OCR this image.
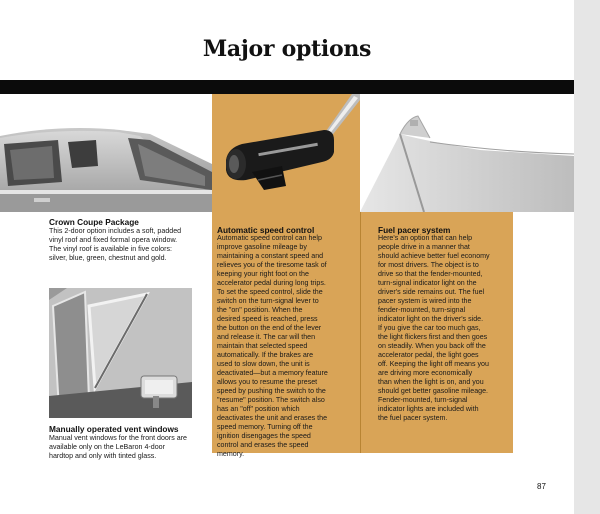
Major options
Crown Coupe Package
This 2-door option includes a soft, padded
vinyl roof and fixed formal opera window.
The vinyl roof is available in five colors:
silver, blue, green, chestnut and gold.
Manually operated vent windows
Manual vent windows for the front doors are
available only on the LeBaron 4-door
hardtop and only with tinted glass.
Automatic speed control
Automatic speed control can help
improve gasoline mileage by
maintaining a constant speed and
relieves you of the tiresome task of
keeping your right foot on the
accelerator pedal during long trips.
To set the speed control, slide the
switch on the turn-signal lever to
the "on" position. When the
desired speed is reached, press
the button on the end of the lever
and release it. The car will then
maintain that selected speed
automatically. If the brakes are
used to slow down, the unit is
deactivated—but a memory feature
allows you to resume the preset
speed by pushing the switch to the
"resume" position. The switch also
has an "off" position which
deactivates the unit and erases the
speed memory. Turning off the
ignition disengages the speed
control and erases the speed
memory.
Fuel pacer system
Here's an option that can help
people drive in a manner that
should achieve better fuel economy
for most drivers. The object is to
drive so that the fender-mounted,
turn-signal indicator light on the
driver's side remains out. The fuel
pacer system is wired into the
fender-mounted, turn-signal
indicator light on the driver's side.
If you give the car too much gas,
the light flickers first and then goes
on steadily. When you back off the
accelerator pedal, the light goes
off. Keeping the light off means you
are driving more economically
than when the light is on, and you
should get better gasoline mileage.
Fender-mounted, turn-signal
indicator lights are included with
the fuel pacer system.
87
